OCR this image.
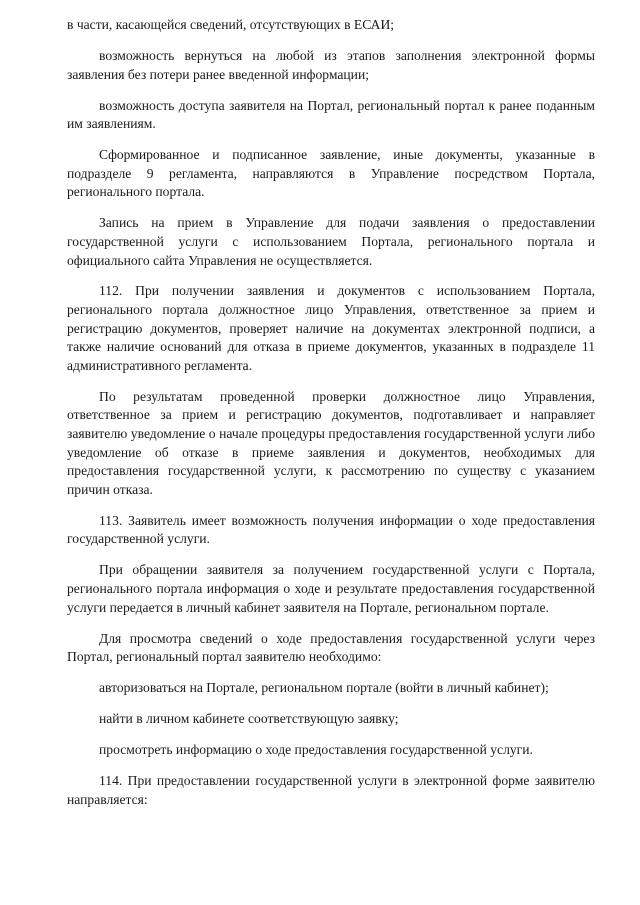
в части, касающейся сведений, отсутствующих в ЕСАИ;

возможность вернуться на любой из этапов заполнения электронной формы заявления без потери ранее введенной информации;

возможность доступа заявителя на Портал, региональный портал к ранее поданным им заявлениям.

Сформированное и подписанное заявление, иные документы, указанные в подразделе 9 регламента, направляются в Управление посредством Портала, регионального портала.

Запись на прием в Управление для подачи заявления о предоставлении государственной услуги с использованием Портала, регионального портала и официального сайта Управления не осуществляется.

112. При получении заявления и документов с использованием Портала, регионального портала должностное лицо Управления, ответственное за прием и регистрацию документов, проверяет наличие на документах электронной подписи, а также наличие оснований для отказа в приеме документов, указанных в подразделе 11 административного регламента.

По результатам проведенной проверки должностное лицо Управления, ответственное за прием и регистрацию документов, подготавливает и направляет заявителю уведомление о начале процедуры предоставления государственной услуги либо уведомление об отказе в приеме заявления и документов, необходимых для предоставления государственной услуги, к рассмотрению по существу с указанием причин отказа.

113. Заявитель имеет возможность получения информации о ходе предоставления государственной услуги.

При обращении заявителя за получением государственной услуги с Портала, регионального портала информация о ходе и результате предоставления государственной услуги передается в личный кабинет заявителя на Портале, региональном портале.

Для просмотра сведений о ходе предоставления государственной услуги через Портал, региональный портал заявителю необходимо:

авторизоваться на Портале, региональном портале (войти в личный кабинет);

найти в личном кабинете соответствующую заявку;

просмотреть информацию о ходе предоставления государственной услуги.

114. При предоставлении государственной услуги в электронной форме заявителю направляется:
